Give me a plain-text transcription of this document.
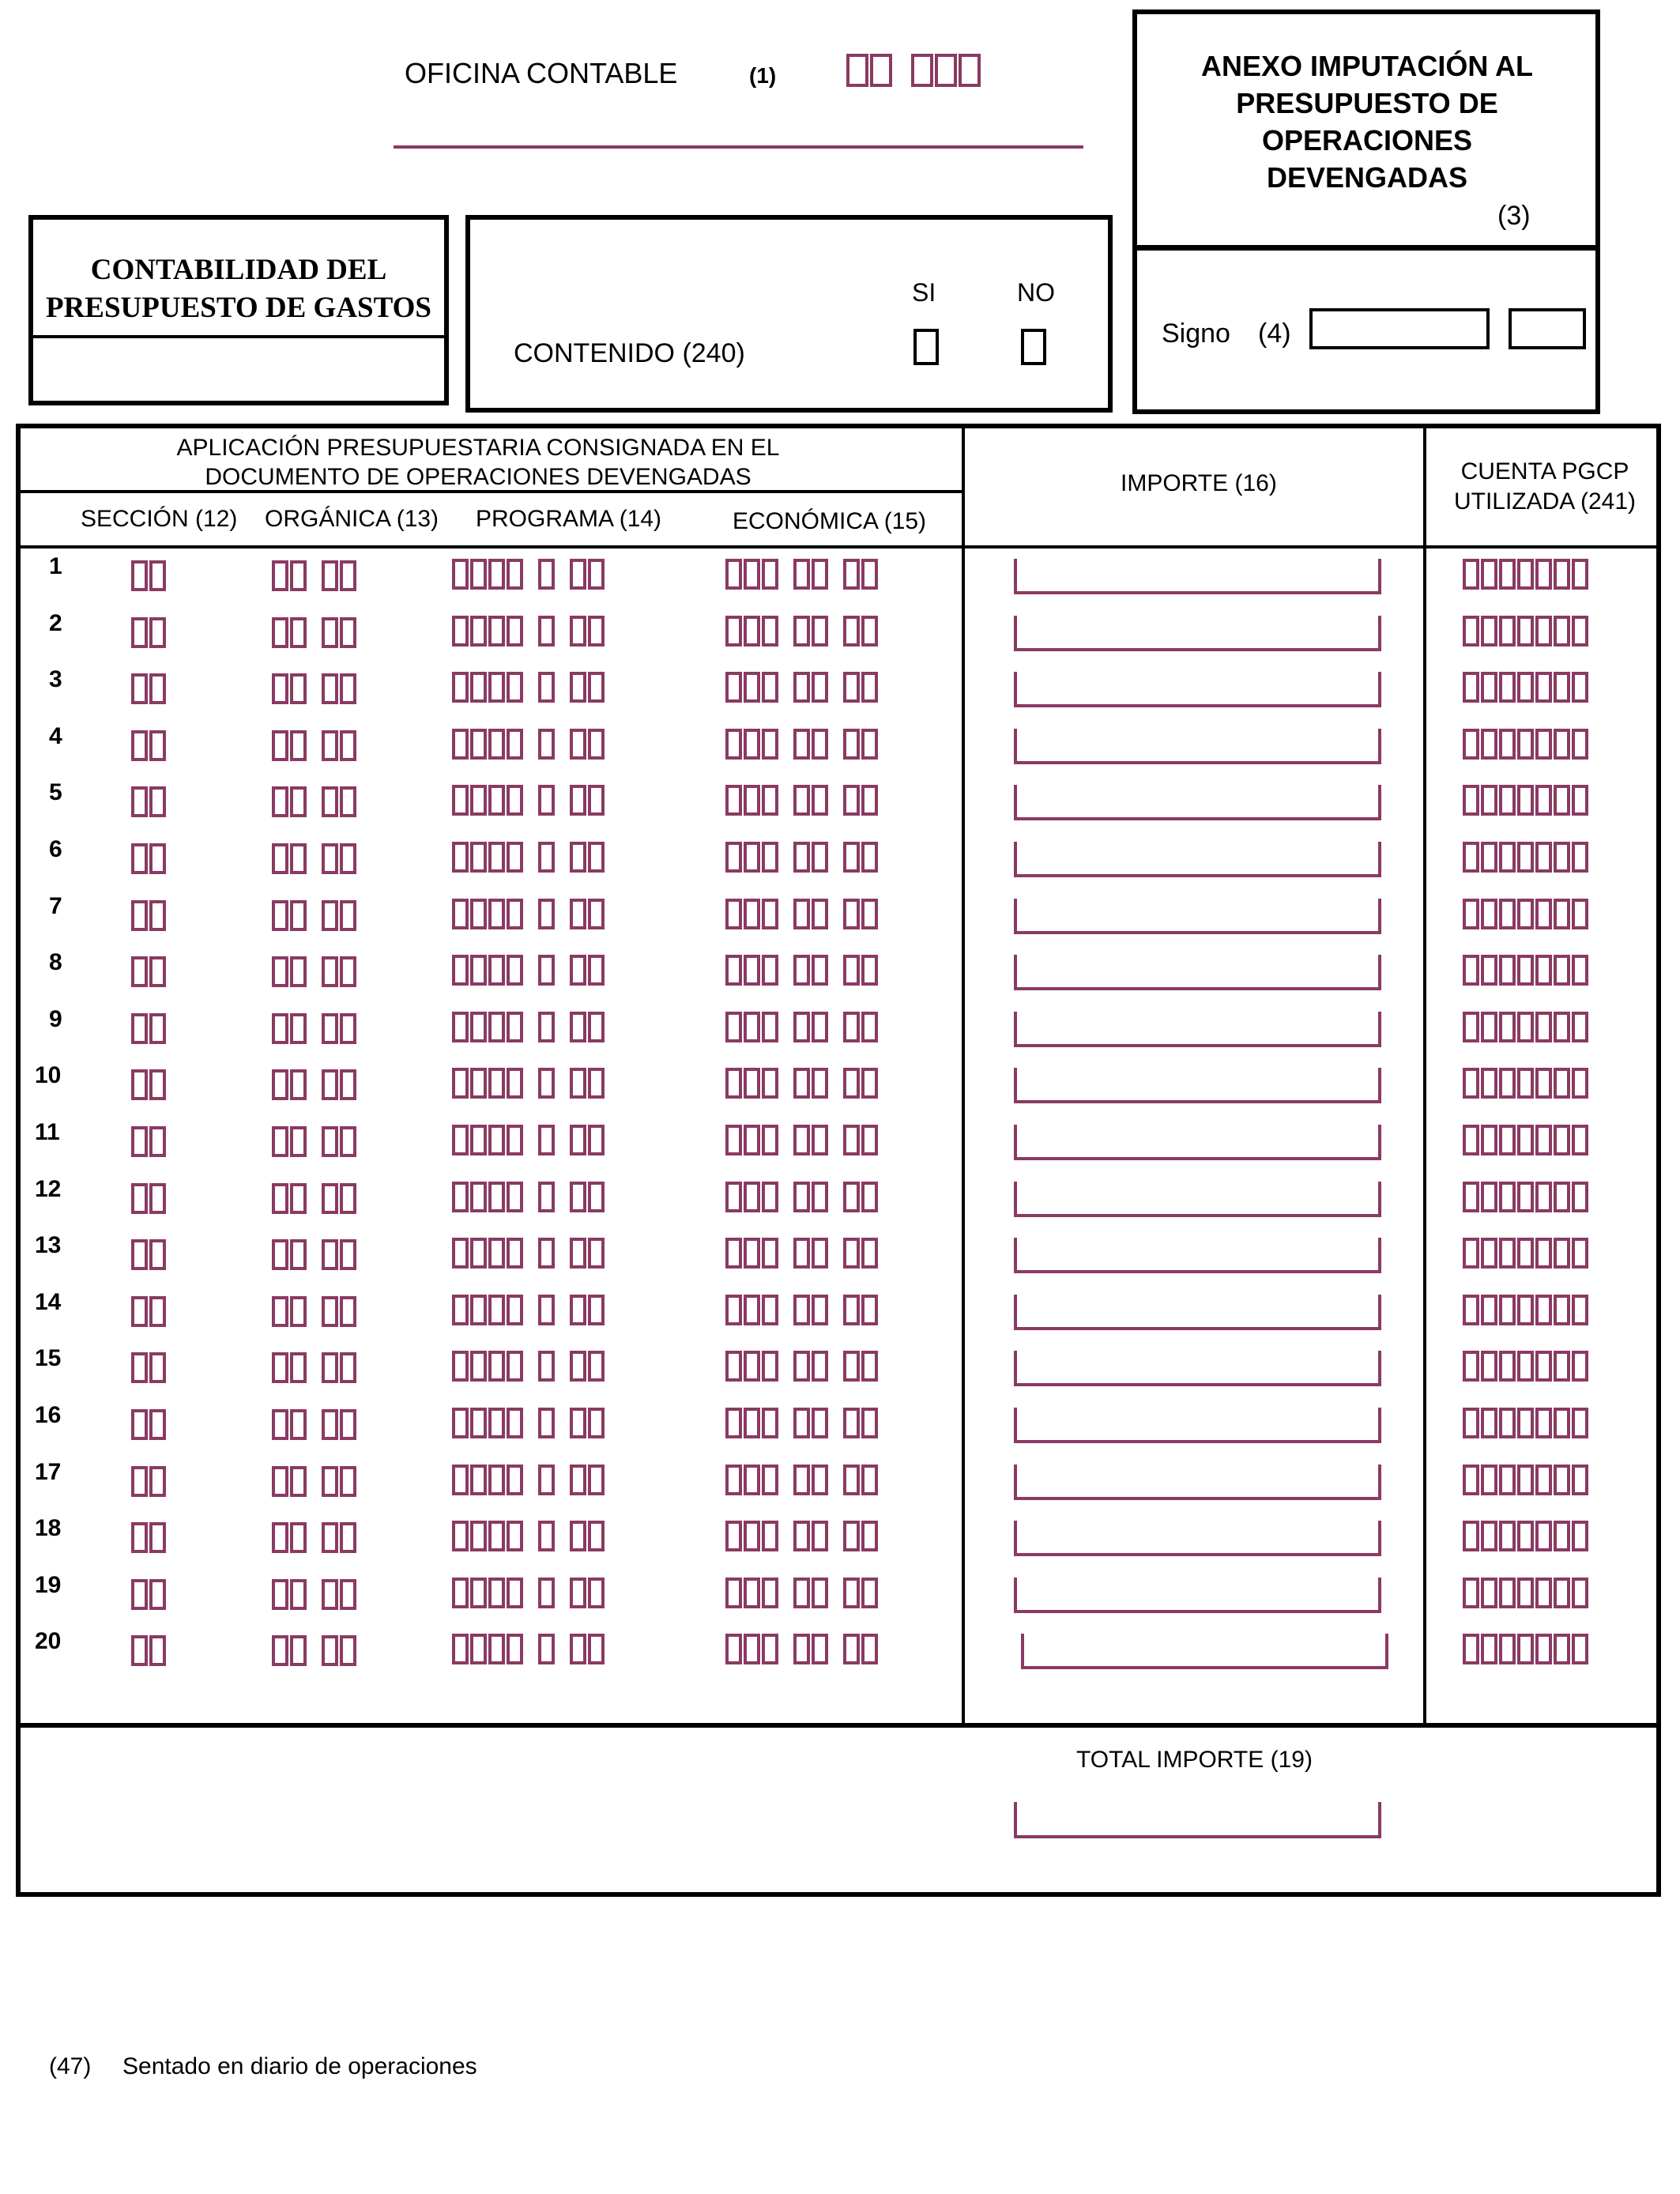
OFICINA CONTABLE	(1)	ANEXO IMPUTACIÓN AL PRESUPUESTO DE OPERACIONES DEVENGADAS
(3)
Signo (4)
CONTABILIDAD DEL PRESUPUESTO DE GASTOS
CONTENIDO (240)
SI	NO
APLICACIÓN PRESUPUESTARIA CONSIGNADA EN EL DOCUMENTO DE OPERACIONES DEVENGADAS
SECCIÓN (12) ORGÁNICA (13) PROGRAMA (14)	ECONÓMICA (15)
IMPORTE (16)	CUENTA PGCP UTILIZADA (241)
1
2
3
4
5
6
7
8
9
10
11
12
13
14
15
16
17
18
19
20
TOTAL IMPORTE (19)
(47) Sentado en diario de operaciones
